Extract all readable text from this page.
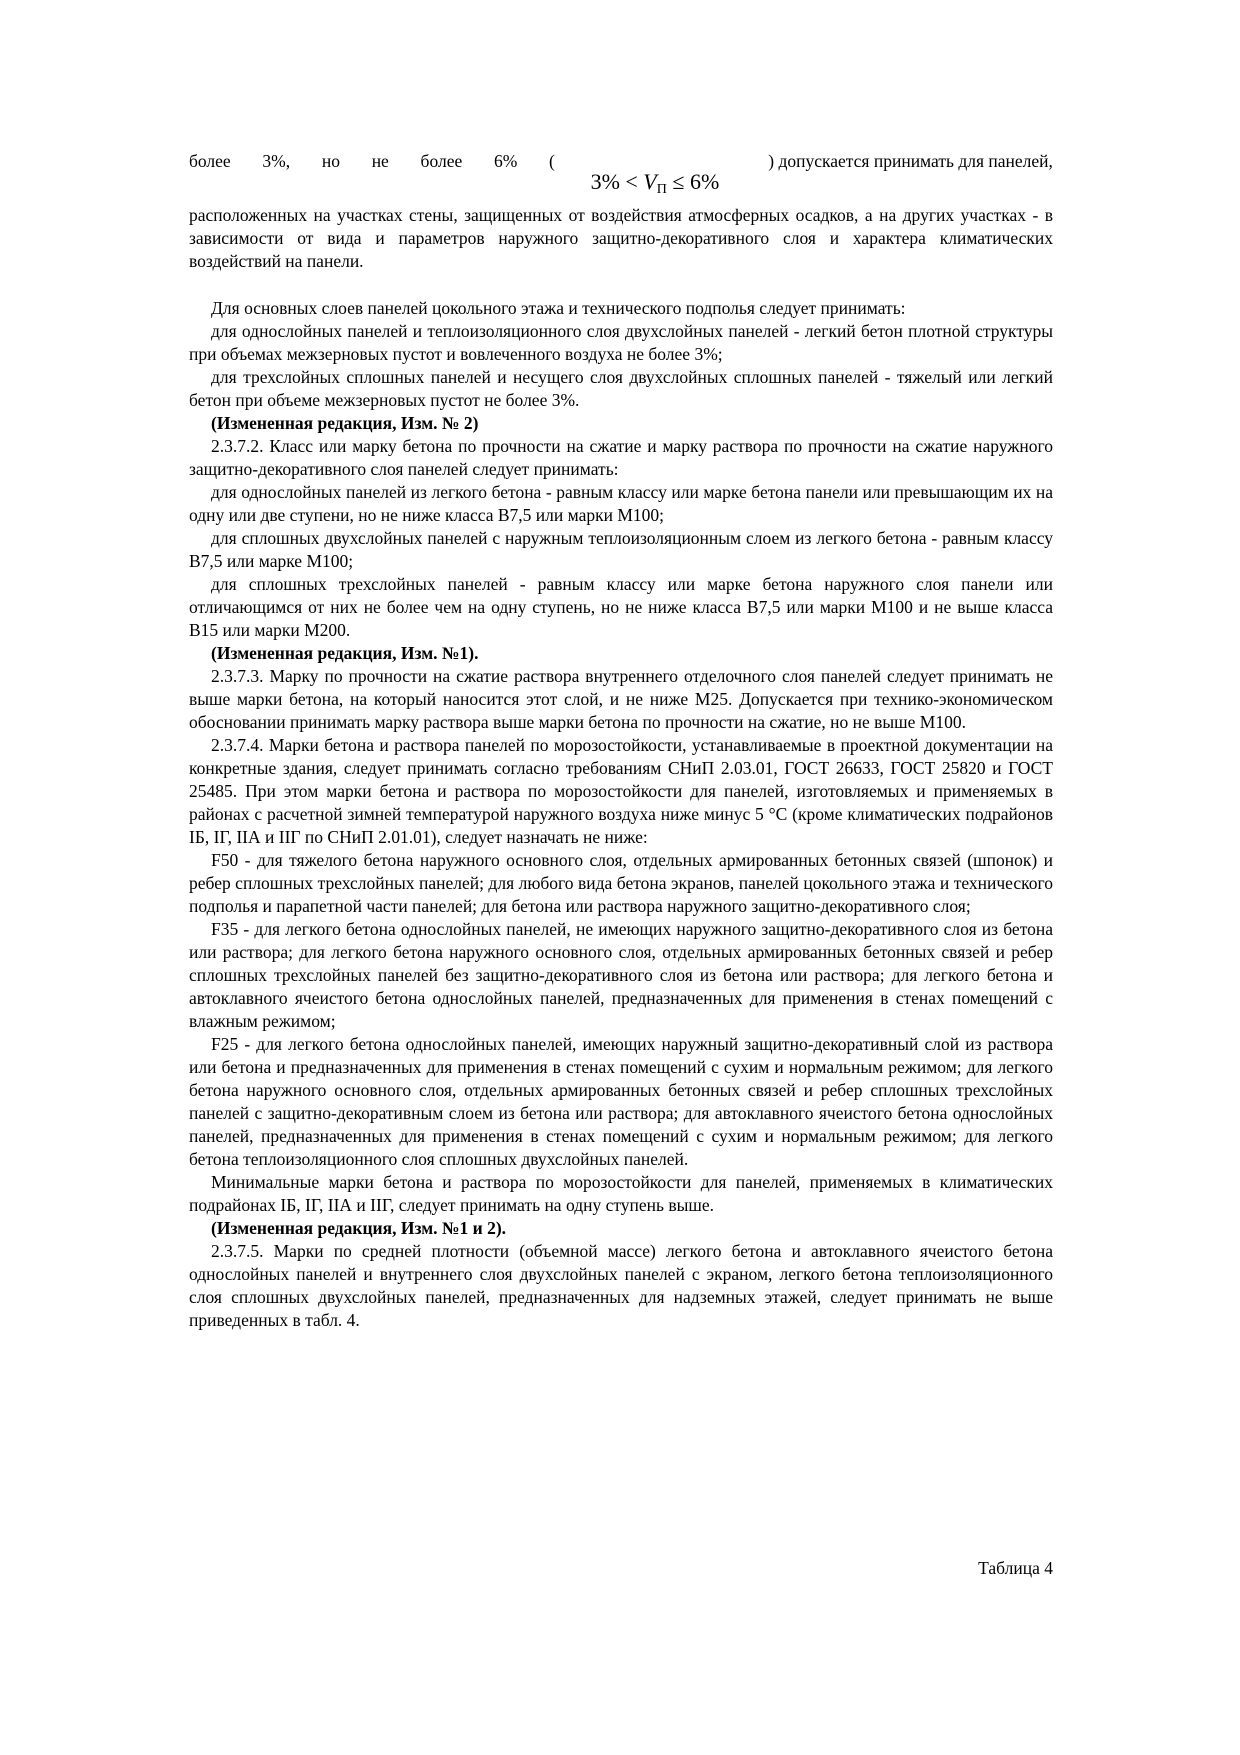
более 3%, но не более 6% (
$3\% < V_П \le 6\%$
) допускается принимать для панелей,

расположенных на участках стены, защищенных от воздействия атмосферных осадков, а на других участках - в зависимости от вида и параметров наружного защитно-декоративного слоя и характера климатических воздействий на панели.

Для основных слоев панелей цокольного этажа и технического подполья следует принимать:

для однослойных панелей и теплоизоляционного слоя двухслойных панелей - легкий бетон плотной структуры при объемах межзерновых пустот и вовлеченного воздуха не более 3%;

для трехслойных сплошных панелей и несущего слоя двухслойных сплошных панелей - тяжелый или легкий бетон при объеме межзерновых пустот не более 3%.

(Измененная редакция, Изм. № 2)

2.3.7.2. Класс или марку бетона по прочности на сжатие и марку раствора по прочности на сжатие наружного защитно-декоративного слоя панелей следует принимать:

для однослойных панелей из легкого бетона - равным классу или марке бетона панели или превышающим их на одну или две ступени, но не ниже класса В7,5 или марки М100;

для сплошных двухслойных панелей с наружным теплоизоляционным слоем из легкого бетона - равным классу В7,5 или марке М100;

для сплошных трехслойных панелей - равным классу или марке бетона наружного слоя панели или отличающимся от них не более чем на одну ступень, но не ниже класса В7,5 или марки М100 и не выше класса В15 или марки М200.

(Измененная редакция, Изм. №1).

2.3.7.3. Марку по прочности на сжатие раствора внутреннего отделочного слоя панелей следует принимать не выше марки бетона, на который наносится этот слой, и не ниже М25. Допускается при технико-экономическом обосновании принимать марку раствора выше марки бетона по прочности на сжатие, но не выше М100.

2.3.7.4. Марки бетона и раствора панелей по морозостойкости, устанавливаемые в проектной документации на конкретные здания, следует принимать согласно требованиям СНиП 2.03.01, ГОСТ 26633, ГОСТ 25820 и ГОСТ 25485. При этом марки бетона и раствора по морозостойкости для панелей, изготовляемых и применяемых в районах с расчетной зимней температурой наружного воздуха ниже минус 5 °С (кроме климатических подрайонов IБ, IГ, IIА и IIГ по СНиП 2.01.01), следует назначать не ниже:

F50 - для тяжелого бетона наружного основного слоя, отдельных армированных бетонных связей (шпонок) и ребер сплошных трехслойных панелей; для любого вида бетона экранов, панелей цокольного этажа и технического подполья и парапетной части панелей; для бетона или раствора наружного защитно-декоративного слоя;

F35 - для легкого бетона однослойных панелей, не имеющих наружного защитно-декоративного слоя из бетона или раствора; для легкого бетона наружного основного слоя, отдельных армированных бетонных связей и ребер сплошных трехслойных панелей без защитно-декоративного слоя из бетона или раствора; для легкого бетона и автоклавного ячеистого бетона однослойных панелей, предназначенных для применения в стенах помещений с влажным режимом;

F25 - для легкого бетона однослойных панелей, имеющих наружный защитно-декоративный слой из раствора или бетона и предназначенных для применения в стенах помещений с сухим и нормальным режимом; для легкого бетона наружного основного слоя, отдельных армированных бетонных связей и ребер сплошных трехслойных панелей с защитно-декоративным слоем из бетона или раствора; для автоклавного ячеистого бетона однослойных панелей, предназначенных для применения в стенах помещений с сухим и нормальным режимом; для легкого бетона теплоизоляционного слоя сплошных двухслойных панелей.

Минимальные марки бетона и раствора по морозостойкости для панелей, применяемых в климатических подрайонах IБ, IГ, IIА и IIГ, следует принимать на одну ступень выше.

(Измененная редакция, Изм. №1 и 2).

2.3.7.5. Марки по средней плотности (объемной массе) легкого бетона и автоклавного ячеистого бетона однослойных панелей и внутреннего слоя двухслойных панелей с экраном, легкого бетона теплоизоляционного слоя сплошных двухслойных панелей, предназначенных для надземных этажей, следует принимать не выше приведенных в табл. 4.

Таблица 4
